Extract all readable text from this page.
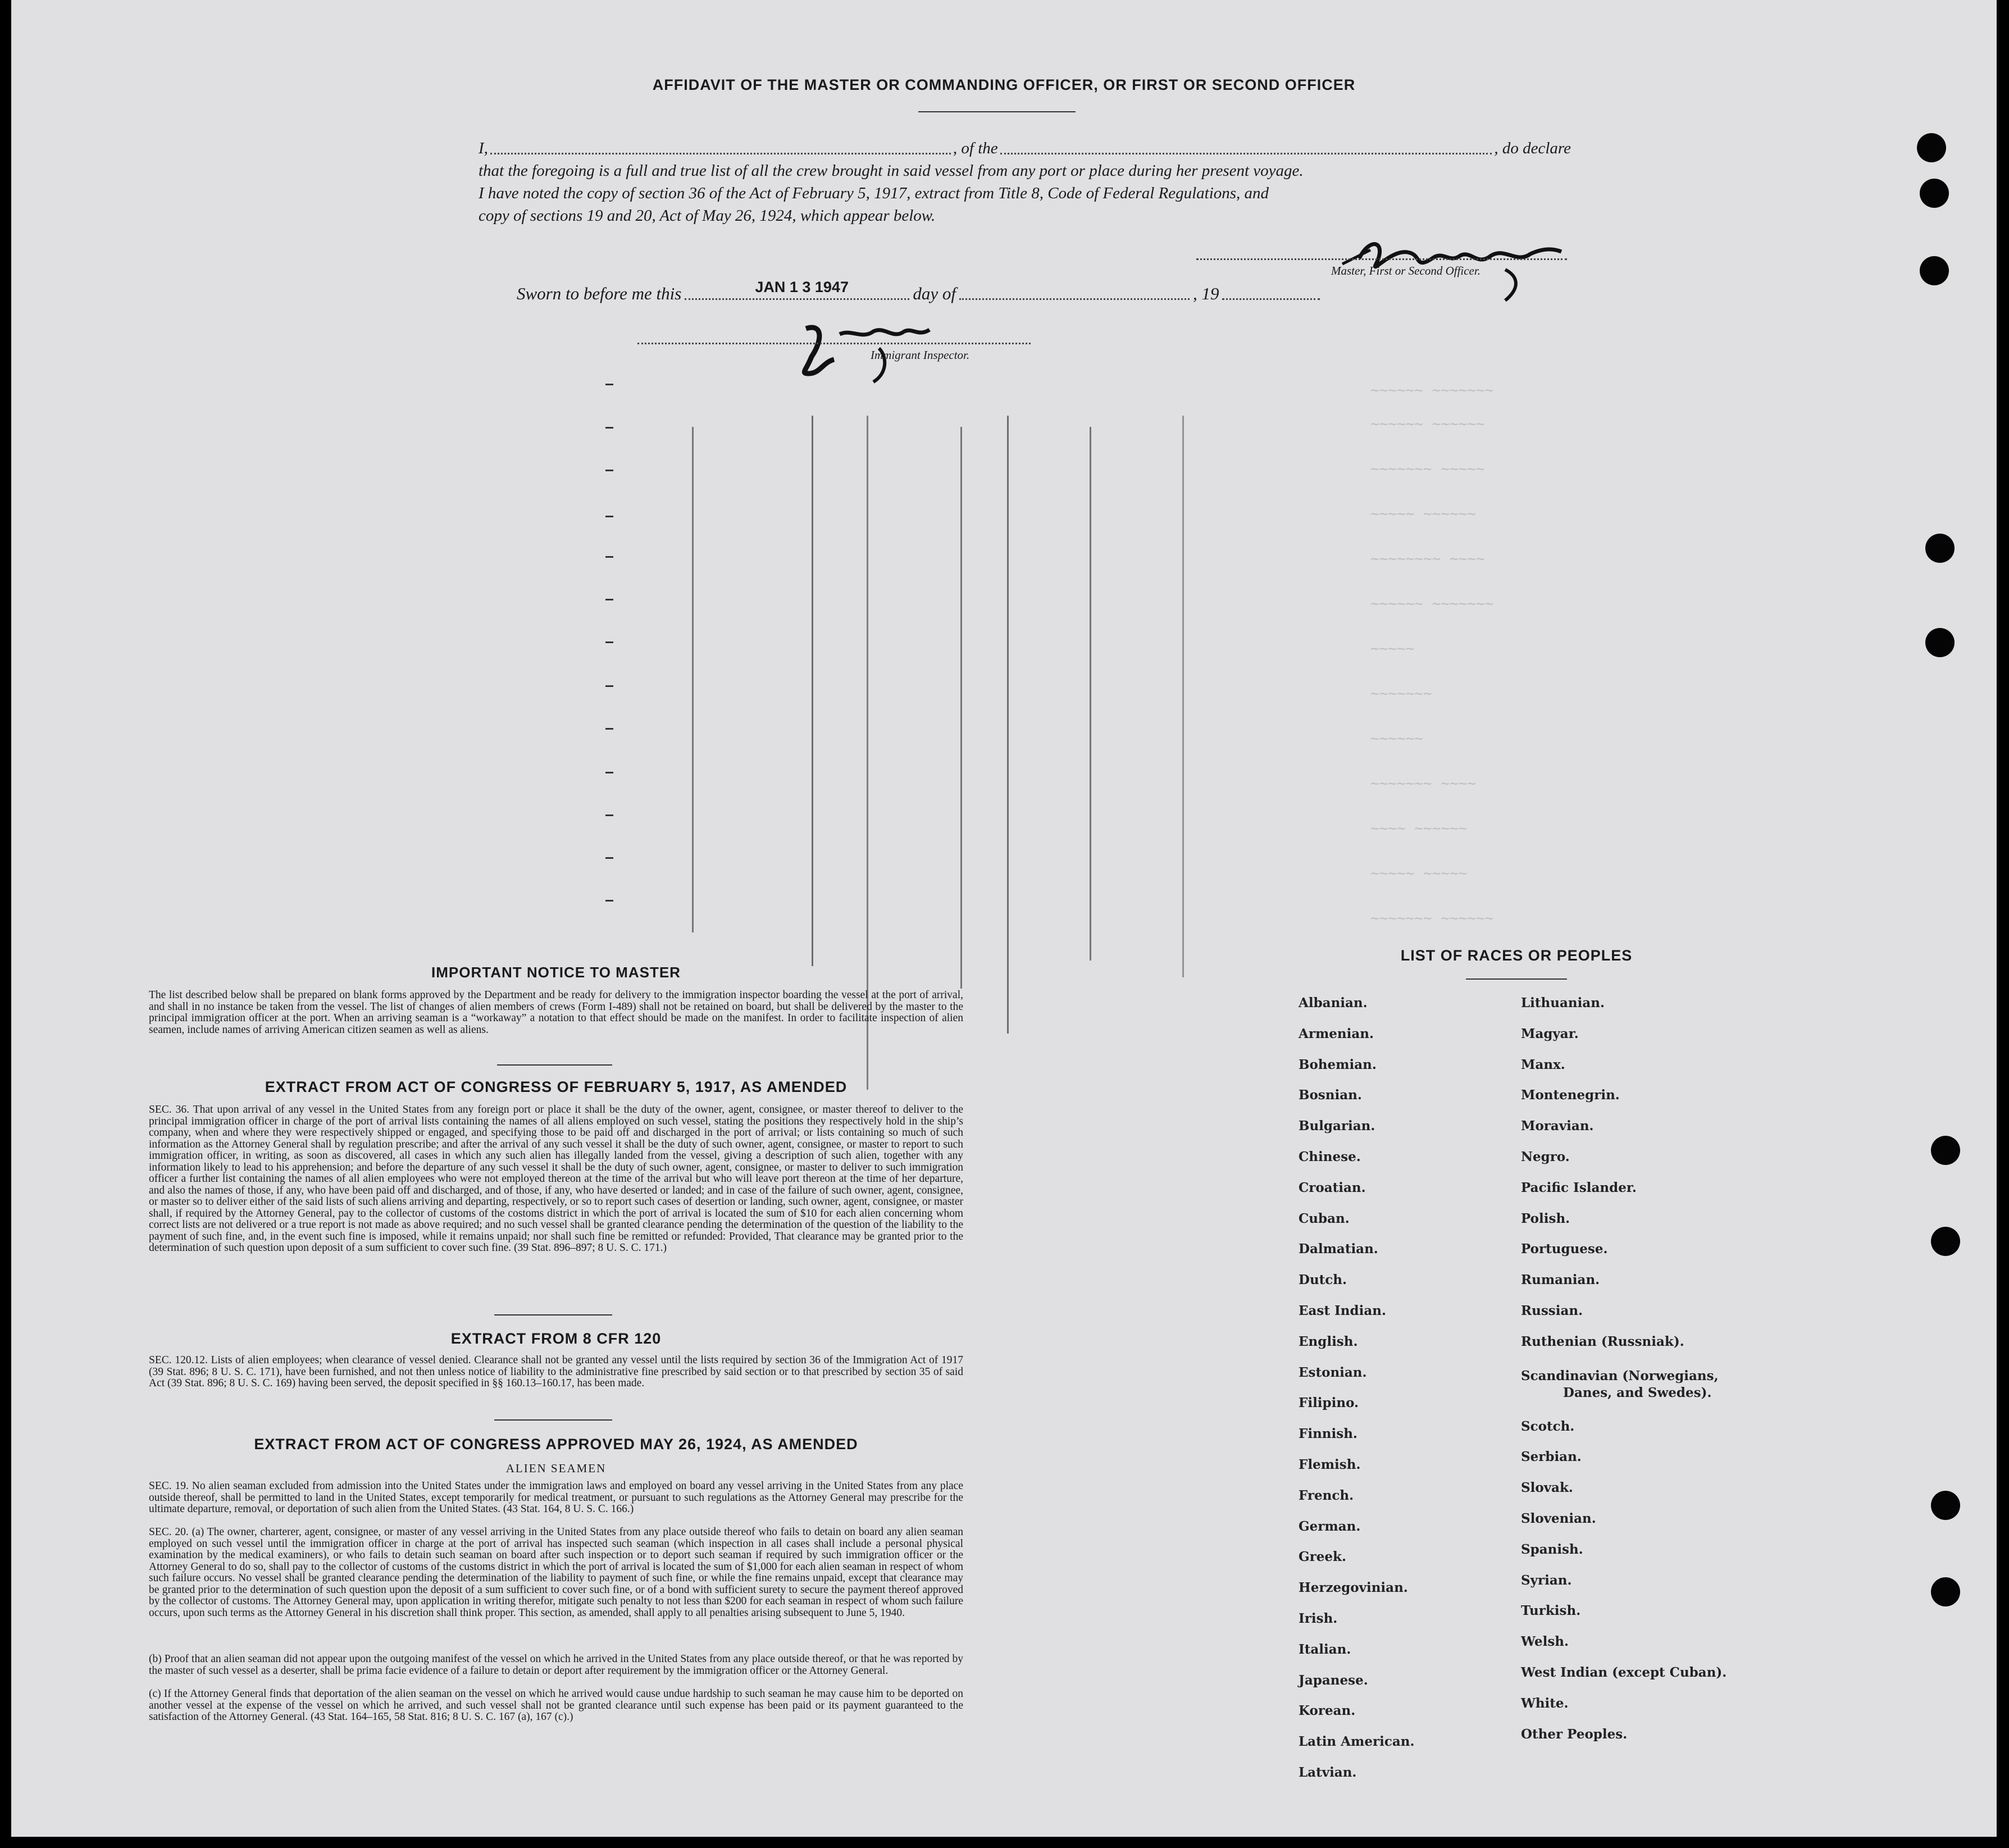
~~~~~~ ~~~~~~~
~~~~~~ ~~~~~~
~~~~~~~ ~~~~~
~~~~~ ~~~~~~
~~~~~~~~ ~~~~
~~~~~~ ~~~~~~~
~~~~~
~~~~~~~
~~~~~~
~~~~~~~ ~~~~
~~~~ ~~~~~~
~~~~~ ~~~~~
~~~~~~~ ~~~~~~
AFFIDAVIT OF THE MASTER OR COMMANDING OFFICER, OR FIRST OR SECOND OFFICER
I,	, of the	, do declare
that the foregoing is a full and true list of all the crew brought in said vessel from any port or place during her present voyage.
I have noted the copy of section 36 of the Act of February 5, 1917, extract from Title 8, Code of Federal Regulations, and
copy of sections 19 and 20, Act of May 26, 1924, which appear below.
Master, First or Second Officer.
Sworn to before me this	JAN 1 3 1947	day of	, 19
Immigrant Inspector.
IMPORTANT NOTICE TO MASTER
The list described below shall be prepared on blank forms approved by the Department and be ready for delivery to the immigration inspector boarding the vessel at the port of arrival, and shall in no instance be taken from the vessel. The list of changes of alien members of crews (Form I-489) shall not be retained on board, but shall be delivered by the master to the principal immigration officer at the port. When an arriving seaman is a “workaway” a notation to that effect should be made on the manifest. In order to facilitate inspection of alien seamen, include names of arriving American citizen seamen as well as aliens.
EXTRACT FROM ACT OF CONGRESS OF FEBRUARY 5, 1917, AS AMENDED
SEC. 36. That upon arrival of any vessel in the United States from any foreign port or place it shall be the duty of the owner, agent, consignee, or master thereof to deliver to the principal immigration officer in charge of the port of arrival lists containing the names of all aliens employed on such vessel, stating the positions they respectively hold in the ship’s company, when and where they were respectively shipped or engaged, and specifying those to be paid off and discharged in the port of arrival; or lists containing so much of such information as the Attorney General shall by regulation prescribe; and after the arrival of any such vessel it shall be the duty of such owner, agent, consignee, or master to report to such immigration officer, in writing, as soon as discovered, all cases in which any such alien has illegally landed from the vessel, giving a description of such alien, together with any information likely to lead to his apprehension; and before the departure of any such vessel it shall be the duty of such owner, agent, consignee, or master to deliver to such immigration officer a further list containing the names of all alien employees who were not employed thereon at the time of the arrival but who will leave port thereon at the time of her departure, and also the names of those, if any, who have been paid off and discharged, and of those, if any, who have deserted or landed; and in case of the failure of such owner, agent, consignee, or master so to deliver either of the said lists of such aliens arriving and departing, respectively, or so to report such cases of desertion or landing, such owner, agent, consignee, or master shall, if required by the Attorney General, pay to the collector of customs of the costoms district in which the port of arrival is located the sum of $10 for each alien concerning whom correct lists are not delivered or a true report is not made as above required; and no such vessel shall be granted clearance pending the determination of the question of the liability to the payment of such fine, and, in the event such fine is imposed, while it remains unpaid; nor shall such fine be remitted or refunded: Provided, That clearance may be granted prior to the determination of such question upon deposit of a sum sufficient to cover such fine. (39 Stat. 896–897; 8 U. S. C. 171.)
EXTRACT FROM 8 CFR 120
SEC. 120.12. Lists of alien employees; when clearance of vessel denied. Clearance shall not be granted any vessel until the lists required by section 36 of the Immigration Act of 1917 (39 Stat. 896; 8 U. S. C. 171), have been furnished, and not then unless notice of liability to the administrative fine prescribed by said section or to that prescribed by section 35 of said Act (39 Stat. 896; 8 U. S. C. 169) having been served, the deposit specified in §§ 160.13–160.17, has been made.
EXTRACT FROM ACT OF CONGRESS APPROVED MAY 26, 1924, AS AMENDED
ALIEN SEAMEN
SEC. 19. No alien seaman excluded from admission into the United States under the immigration laws and employed on board any vessel arriving in the United States from any place outside thereof, shall be permitted to land in the United States, except temporarily for medical treatment, or pursuant to such regulations as the Attorney General may prescribe for the ultimate departure, removal, or deportation of such alien from the United States. (43 Stat. 164, 8 U. S. C. 166.)
SEC. 20. (a) The owner, charterer, agent, consignee, or master of any vessel arriving in the United States from any place outside thereof who fails to detain on board any alien seaman employed on such vessel until the immigration officer in charge at the port of arrival has inspected such seaman (which inspection in all cases shall include a personal physical examination by the medical examiners), or who fails to detain such seaman on board after such inspection or to deport such seaman if required by such immigration officer or the Attorney General to do so, shall pay to the collector of customs of the customs district in which the port of arrival is located the sum of $1,000 for each alien seaman in respect of whom such failure occurs. No vessel shall be granted clearance pending the determination of the liability to payment of such fine, or while the fine remains unpaid, except that clearance may be granted prior to the determination of such question upon the deposit of a sum sufficient to cover such fine, or of a bond with sufficient surety to secure the payment thereof approved by the collector of customs. The Attorney General may, upon application in writing therefor, mitigate such penalty to not less than $200 for each seaman in respect of whom such failure occurs, upon such terms as the Attorney General in his discretion shall think proper. This section, as amended, shall apply to all penalties arising subsequent to June 5, 1940.
(b) Proof that an alien seaman did not appear upon the outgoing manifest of the vessel on which he arrived in the United States from any place outside thereof, or that he was reported by the master of such vessel as a deserter, shall be prima facie evidence of a failure to detain or deport after requirement by the immigration officer or the Attorney General.
(c) If the Attorney General finds that deportation of the alien seaman on the vessel on which he arrived would cause undue hardship to such seaman he may cause him to be deported on another vessel at the expense of the vessel on which he arrived, and such vessel shall not be granted clearance until such expense has been paid or its payment guaranteed to the satisfaction of the Attorney General. (43 Stat. 164–165, 58 Stat. 816; 8 U. S. C. 167 (a), 167 (c).)
LIST OF RACES OR PEOPLES
Albanian.
Armenian.
Bohemian.
Bosnian.
Bulgarian.
Chinese.
Croatian.
Cuban.
Dalmatian.
Dutch.
East Indian.
English.
Estonian.
Filipino.
Finnish.
Flemish.
French.
German.
Greek.
Herzegovinian.
Irish.
Italian.
Japanese.
Korean.
Latin American.
Latvian.
Lithuanian.
Magyar.
Manx.
Montenegrin.
Moravian.
Negro.
Pacific Islander.
Polish.
Portuguese.
Rumanian.
Russian.
Ruthenian (Russniak).
Scandinavian (Norwegians,
Danes, and Swedes).
Scotch.
Serbian.
Slovak.
Slovenian.
Spanish.
Syrian.
Turkish.
Welsh.
West Indian (except Cuban).
White.
Other Peoples.
